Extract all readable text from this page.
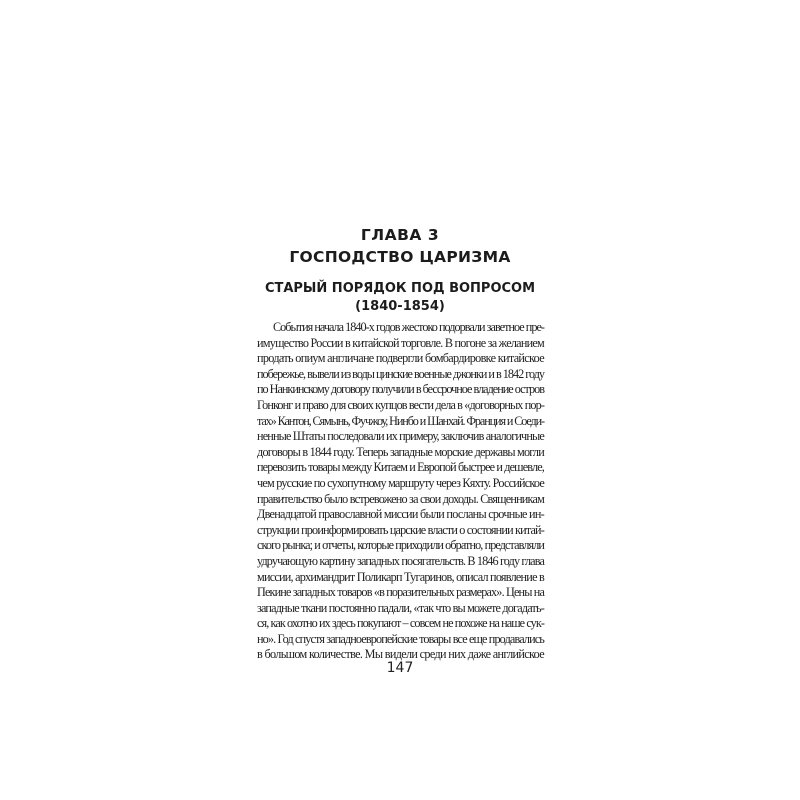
ГЛАВА 3
ГОСПОДСТВО ЦАРИЗМА
СТАРЫЙ ПОРЯДОК ПОД ВОПРОСОМ
(1840-1854)
События начала 1840-х годов жестоко подорвали заветное пре-
имущество России в китайской торговле. В погоне за желанием
продать опиум англичане подвергли бомбардировке китайское
побережье, вывели из воды цинские военные джонки и в 1842 году
по Нанкинскому договору получили в бессрочное владение остров
Гонконг и право для своих купцов вести дела в «договорных пор-
тах» Кантон, Сямынь, Фучжоу, Нинбо и Шанхай. Франция и Соеди-
ненные Штаты последовали их примеру, заключив аналогичные
договоры в 1844 году. Теперь западные морские державы могли
перевозить товары между Китаем и Европой быстрее и дешевле,
чем русские по сухопутному маршруту через Кяхту. Российское
правительство было встревожено за свои доходы. Священникам
Двенадцатой православной миссии были посланы срочные ин-
струкции проинформировать царские власти о состоянии китай-
ского рынка; и отчеты, которые приходили обратно, представляли
удручающую картину западных посягательств. В 1846 году глава
миссии, архимандрит Поликарп Тугаринов, описал появление в
Пекине западных товаров «в поразительных размерах». Цены на
западные ткани постоянно падали, «так что вы можете догадать-
ся, как охотно их здесь покупают – совсем не похоже на наше сук-
но». Год спустя западноевропейские товары все еще продавались
в большом количестве. Мы видели среди них даже английское
147
